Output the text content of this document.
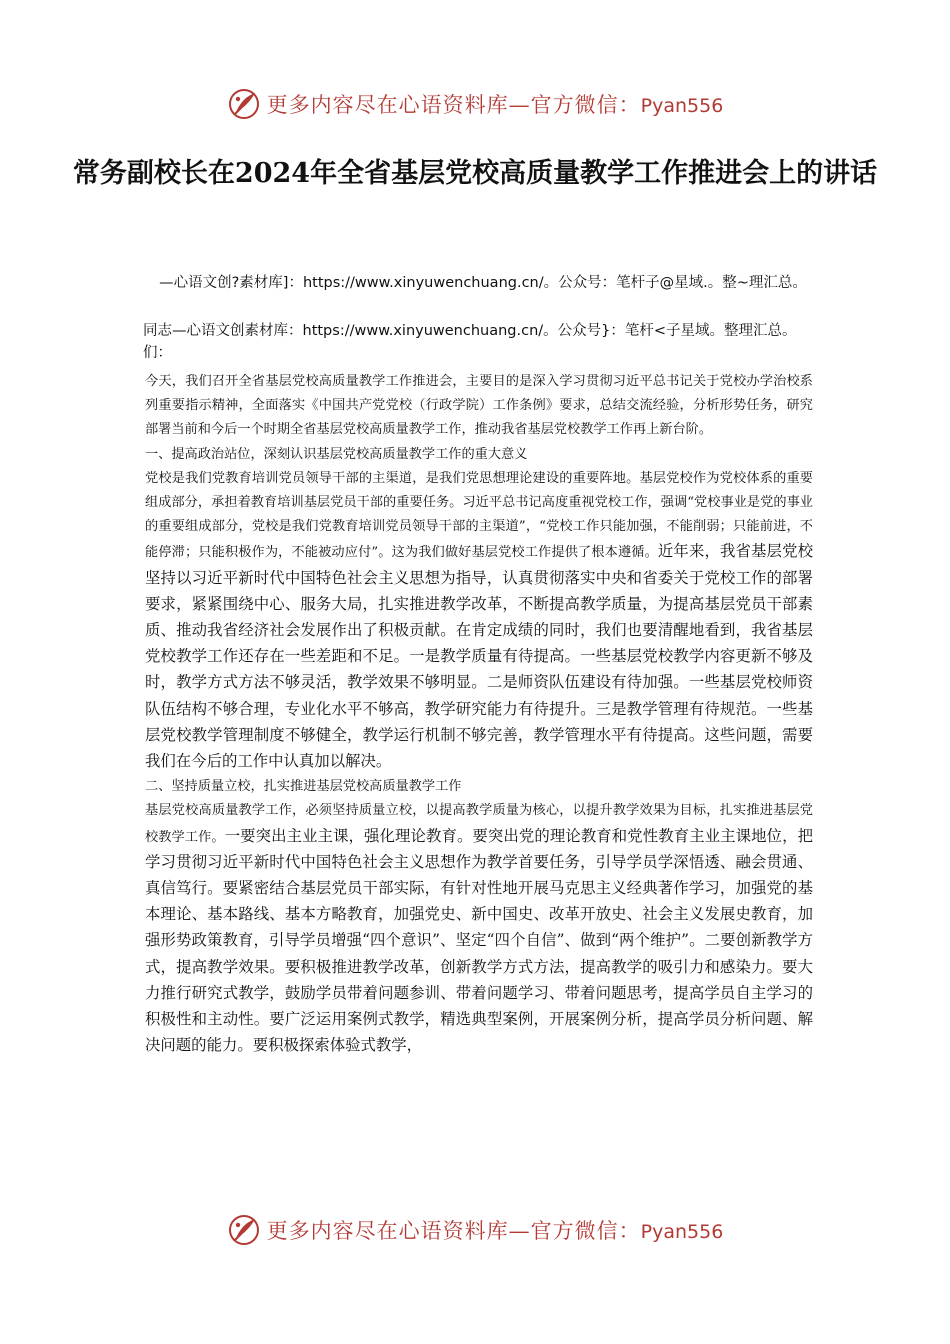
更多内容尽在心语资料库—官方微信：Pyan556
常务副校长在2024年全省基层党校高质量教学工作推进会上的讲话
—心语文创?素材库]：https://www.xinyuwenchuang.cn/。公众号：笔杆子@星域.。整~理汇总。
同志—心语文创素材库：https://www.xinyuwenchuang.cn/。公众号}：笔杆<子星域。整理汇总。们：

今天，我们召开全省基层党校高质量教学工作推进会，主要目的是深入学习贯彻习近平总书记关于党校办学治校系列重要指示精神，全面落实《中国共产党党校（行政学院）工作条例》要求，总结交流经验，分析形势任务，研究部署当前和今后一个时期全省基层党校高质量教学工作，推动我省基层党校教学工作再上新台阶。

一、提高政治站位，深刻认识基层党校高质量教学工作的重大意义

党校是我们党教育培训党员领导干部的主渠道，是我们党思想理论建设的重要阵地。基层党校作为党校体系的重要组成部分，承担着教育培训基层党员干部的重要任务。习近平总书记高度重视党校工作，强调“党校事业是党的事业的重要组成部分，党校是我们党教育培训党员领导干部的主渠道”，“党校工作只能加强，不能削弱；只能前进，不能停滞；只能积极作为，不能被动应付”。这为我们做好基层党校工作提供了根本遵循。近年来，我省基层党校坚持以习近平新时代中国特色社会主义思想为指导，认真贯彻落实中央和省委关于党校工作的部署要求，紧紧围绕中心、服务大局，扎实推进教学改革，不断提高教学质量，为提高基层党员干部素质、推动我省经济社会发展作出了积极贡献。在肯定成绩的同时，我们也要清醒地看到，我省基层党校教学工作还存在一些差距和不足。一是教学质量有待提高。一些基层党校教学内容更新不够及时，教学方式方法不够灵活，教学效果不够明显。二是师资队伍建设有待加强。一些基层党校师资队伍结构不够合理，专业化水平不够高，教学研究能力有待提升。三是教学管理有待规范。一些基层党校教学管理制度不够健全，教学运行机制不够完善，教学管理水平有待提高。这些问题，需要我们在今后的工作中认真加以解决。

二、坚持质量立校，扎实推进基层党校高质量教学工作

基层党校高质量教学工作，必须坚持质量立校，以提高教学质量为核心，以提升教学效果为目标，扎实推进基层党校教学工作。一要突出主业主课，强化理论教育。要突出党的理论教育和党性教育主业主课地位，把学习贯彻习近平新时代中国特色社会主义思想作为教学首要任务，引导学员学深悟透、融会贯通、真信笃行。要紧密结合基层党员干部实际，有针对性地开展马克思主义经典著作学习，加强党的基本理论、基本路线、基本方略教育，加强党史、新中国史、改革开放史、社会主义发展史教育，加强形势政策教育，引导学员增强“四个意识”、坚定“四个自信”、做到“两个维护”。二要创新教学方式，提高教学效果。要积极推进教学改革，创新教学方式方法，提高教学的吸引力和感染力。要大力推行研究式教学，鼓励学员带着问题参训、带着问题学习、带着问题思考，提高学员自主学习的积极性和主动性。要广泛运用案例式教学，精选典型案例，开展案例分析，提高学员分析问题、解决问题的能力。要积极探索体验式教学，

更多内容尽在心语资料库—官方微信：Pyan556
